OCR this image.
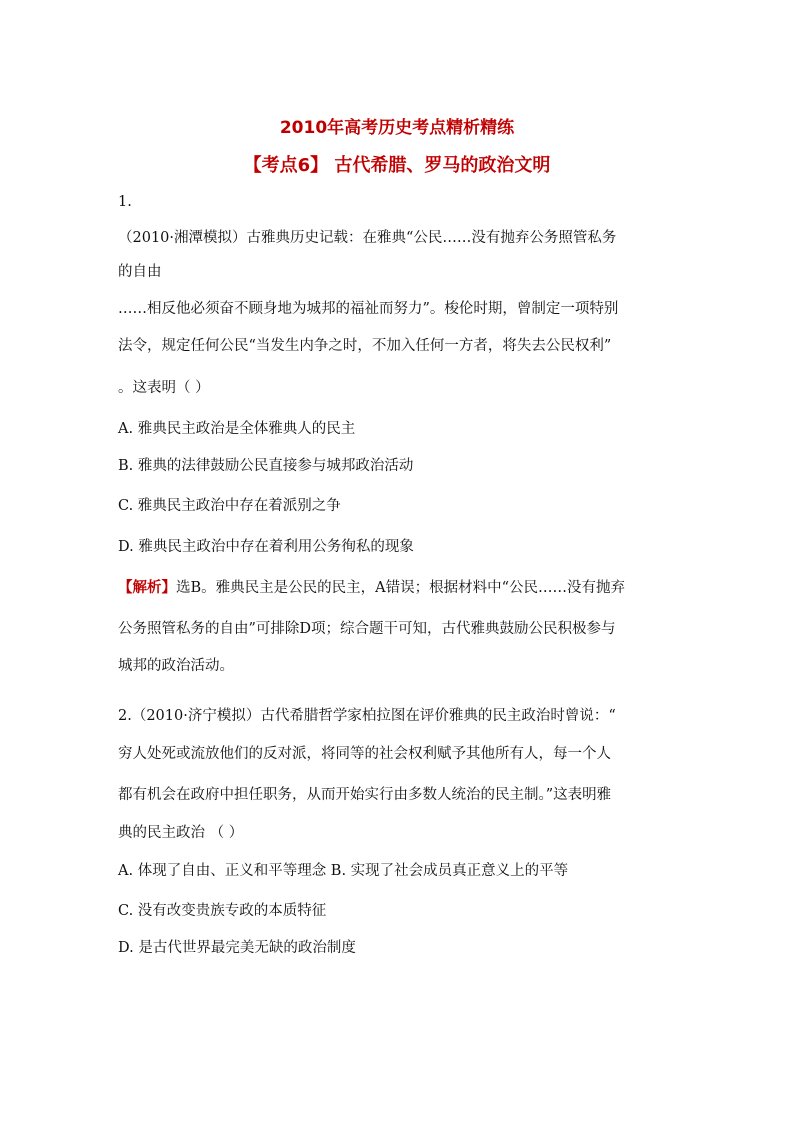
2010年高考历史考点精析精练
【考点6】 古代希腊、罗马的政治文明
1.
（2010·湘潭模拟）古雅典历史记载：在雅典“公民……没有抛弃公务照管私务
的自由
……相反他必须奋不顾身地为城邦的福祉而努力”。梭伦时期，曾制定一项特别
法令，规定任何公民“当发生内争之时，不加入任何一方者，将失去公民权利”
。这表明（ ）
A. 雅典民主政治是全体雅典人的民主
B. 雅典的法律鼓励公民直接参与城邦政治活动
C. 雅典民主政治中存在着派别之争
D. 雅典民主政治中存在着利用公务徇私的现象
【解析】选B。雅典民主是公民的民主，A错误；根据材料中“公民……没有抛弃
公务照管私务的自由”可排除D项；综合题干可知，古代雅典鼓励公民积极参与
城邦的政治活动。
2.（2010·济宁模拟）古代希腊哲学家柏拉图在评价雅典的民主政治时曾说：“
穷人处死或流放他们的反对派，将同等的社会权利赋予其他所有人，每一个人
都有机会在政府中担任职务，从而开始实行由多数人统治的民主制。”这表明雅
典的民主政治 （ ）
A. 体现了自由、正义和平等理念 B. 实现了社会成员真正意义上的平等
C. 没有改变贵族专政的本质特征
D. 是古代世界最完美无缺的政治制度
